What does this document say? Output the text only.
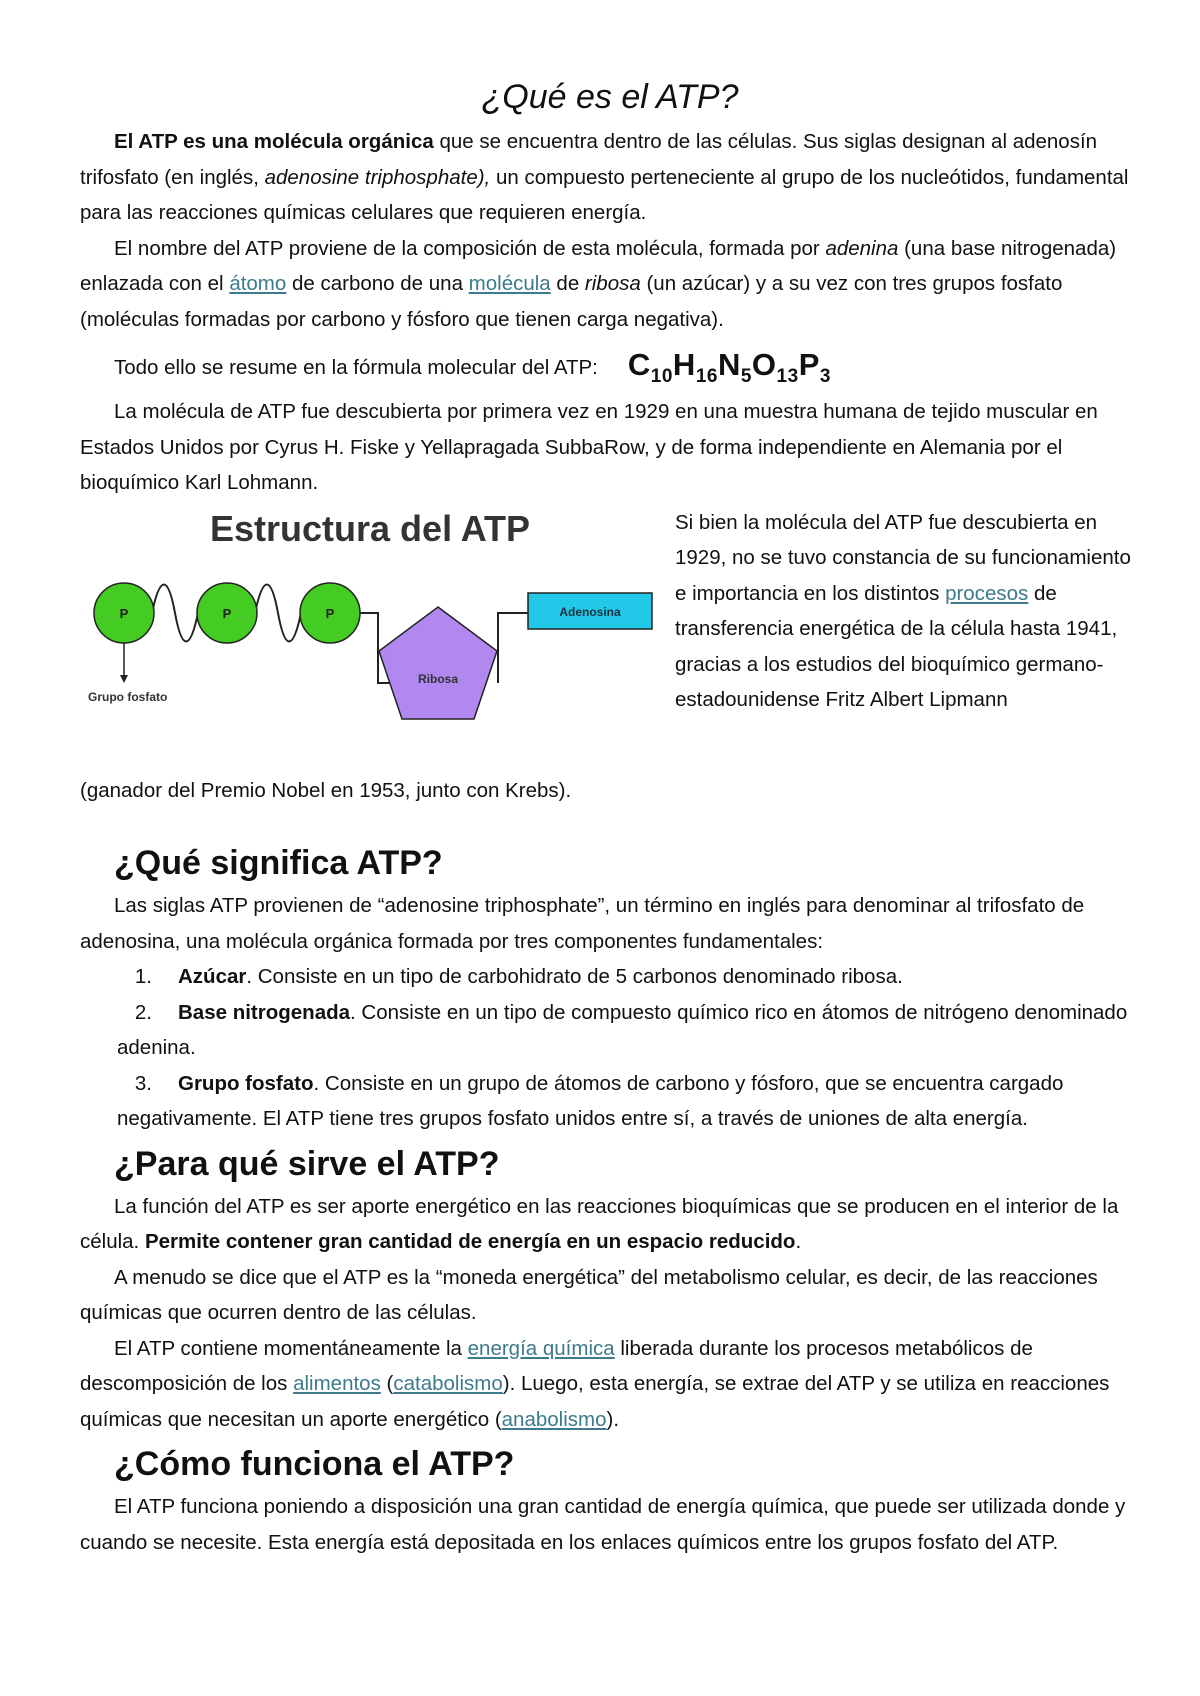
¿Qué es el ATP?

El ATP es una molécula orgánica que se encuentra dentro de las células. Sus siglas designan al adenosín trifosfato (en inglés, adenosine triphosphate), un compuesto perteneciente al grupo de los nucleótidos, fundamental para las reacciones químicas celulares que requieren energía.

El nombre del ATP proviene de la composición de esta molécula, formada por adenina (una base nitrogenada) enlazada con el átomo de carbono de una molécula de ribosa (un azúcar) y a su vez con tres grupos fosfato (moléculas formadas por carbono y fósforo que tienen carga negativa).

Todo ello se resume en la fórmula molecular del ATP: $C_{10}H_{16}N_5O_{13}P_3$

La molécula de ATP fue descubierta por primera vez en 1929 en una muestra humana de tejido muscular en Estados Unidos por Cyrus H. Fiske y Yellapragada SubbaRow, y de forma independiente en Alemania por el bioquímico Karl Lohmann.

Estructura del ATP
P	P	P
Ribosa
Adenosina
Grupo fosfato

Si bien la molécula del ATP fue descubierta en 1929, no se tuvo constancia de su funcionamiento e importancia en los distintos procesos de transferencia energética de la célula hasta 1941, gracias a los estudios del bioquímico germano-estadounidense Fritz Albert Lipmann

(ganador del Premio Nobel en 1953, junto con Krebs).

¿Qué significa ATP?

Las siglas ATP provienen de “adenosine triphosphate”, un término en inglés para denominar al trifosfato de adenosina, una molécula orgánica formada por tres componentes fundamentales:

1. Azúcar. Consiste en un tipo de carbohidrato de 5 carbonos denominado ribosa.
2. Base nitrogenada. Consiste en un tipo de compuesto químico rico en átomos de nitrógeno denominado adenina.
3. Grupo fosfato. Consiste en un grupo de átomos de carbono y fósforo, que se encuentra cargado negativamente. El ATP tiene tres grupos fosfato unidos entre sí, a través de uniones de alta energía.
¿Para qué sirve el ATP?

La función del ATP es ser aporte energético en las reacciones bioquímicas que se producen en el interior de la célula. Permite contener gran cantidad de energía en un espacio reducido.

A menudo se dice que el ATP es la “moneda energética” del metabolismo celular, es decir, de las reacciones químicas que ocurren dentro de las células.

El ATP contiene momentáneamente la energía química liberada durante los procesos metabólicos de descomposición de los alimentos (catabolismo). Luego, esta energía, se extrae del ATP y se utiliza en reacciones químicas que necesitan un aporte energético (anabolismo).

¿Cómo funciona el ATP?

El ATP funciona poniendo a disposición una gran cantidad de energía química, que puede ser utilizada donde y cuando se necesite. Esta energía está depositada en los enlaces químicos entre los grupos fosfato del ATP.
